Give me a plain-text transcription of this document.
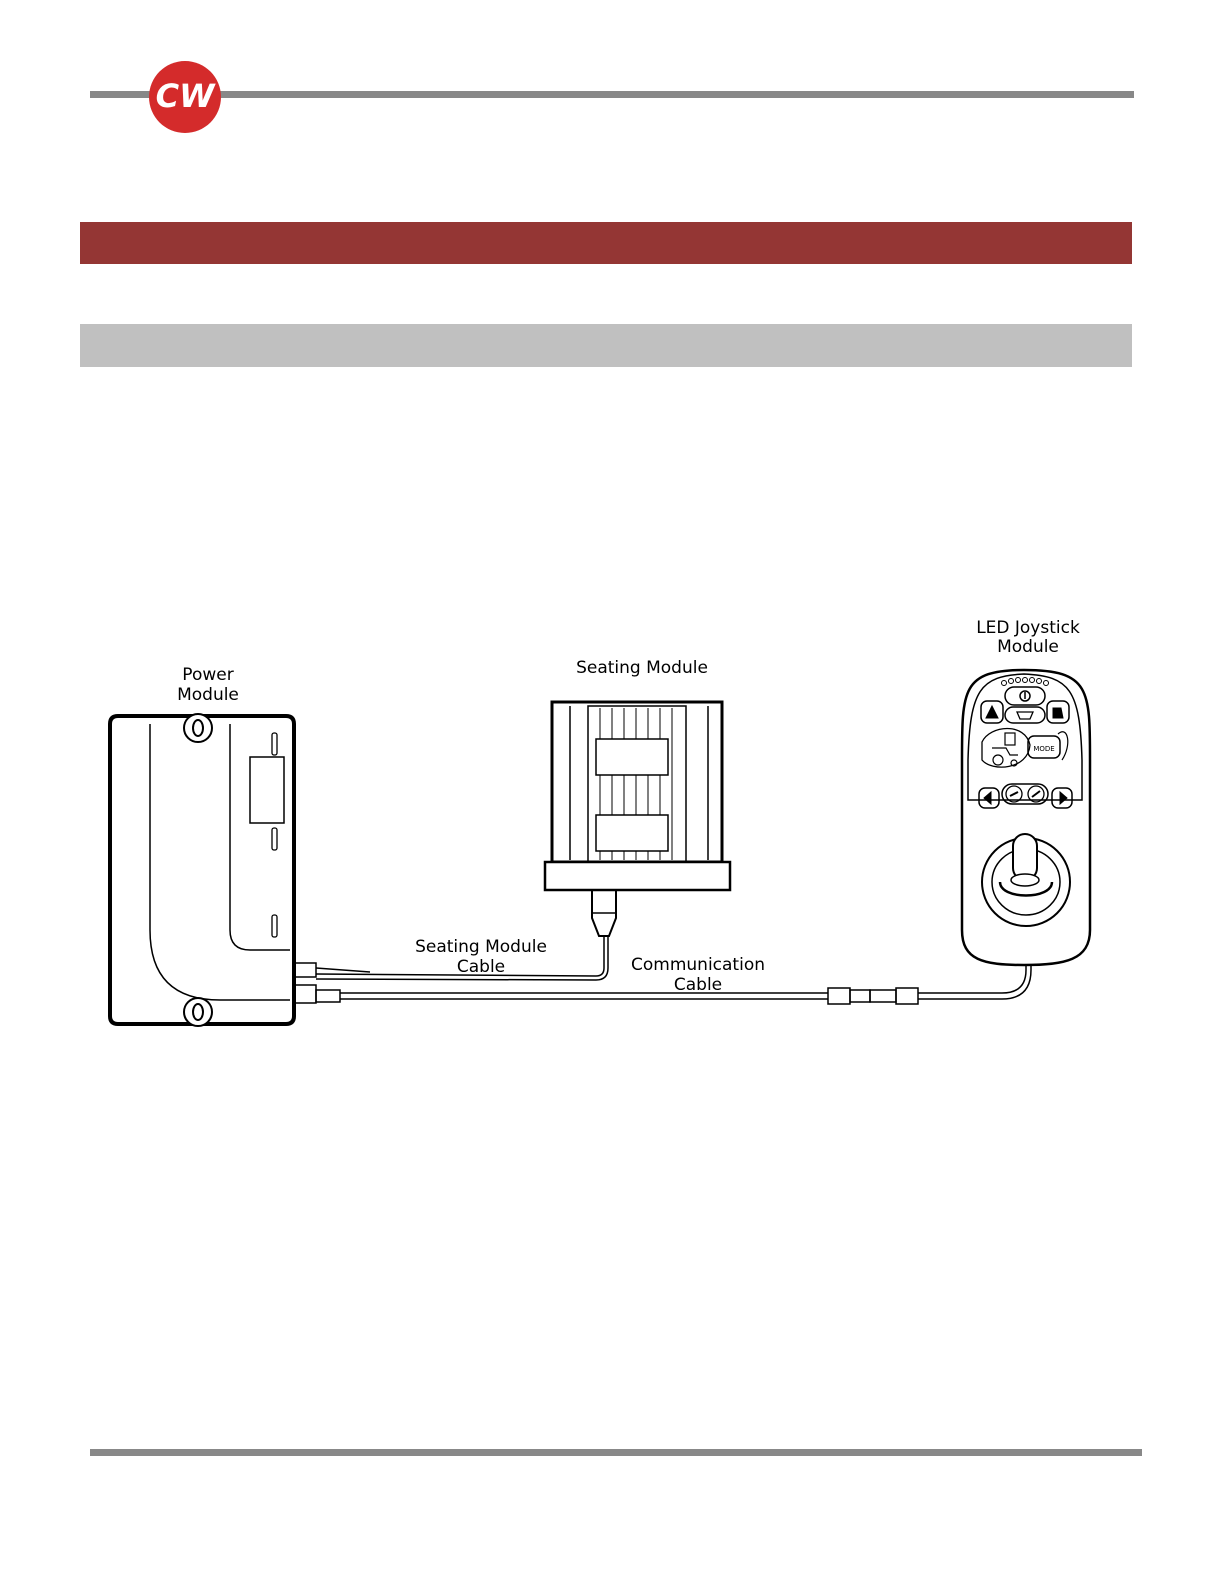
CW
MODE
Power
Module
Seating Module
LED Joystick
Module
Seating Module
Cable	Communication
Cable
